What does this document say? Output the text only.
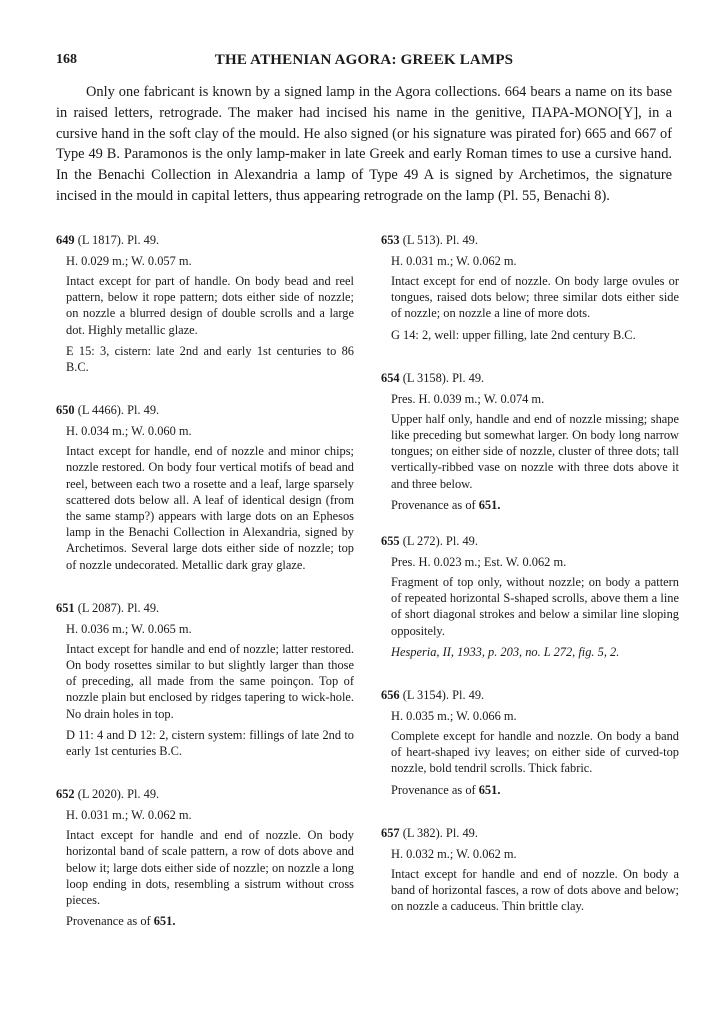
168	THE ATHENIAN AGORA: GREEK LAMPS

Only one fabricant is known by a signed lamp in the Agora collections. 664 bears a name on its base in raised letters, retrograde. The maker had incised his name in the genitive, ΠΑΡΑ-ΜΟΝΟ[Υ], in a cursive hand in the soft clay of the mould. He also signed (or his signature was pirated for) 665 and 667 of Type 49 B. Paramonos is the only lamp-maker in late Greek and early Roman times to use a cursive hand. In the Benachi Collection in Alexandria a lamp of Type 49 A is signed by Archetimos, the signature incised in the mould in capital letters, thus appearing retrograde on the lamp (Pl. 55, Benachi 8).

649 (L 1817). Pl. 49.

H. 0.029 m.; W. 0.057 m.

Intact except for part of handle. On body bead and reel pattern, below it rope pattern; dots either side of nozzle; on nozzle a blurred design of double scrolls and a large dot. Highly metallic glaze.

E 15: 3, cistern: late 2nd and early 1st centuries to 86 B.C.

650 (L 4466). Pl. 49.

H. 0.034 m.; W. 0.060 m.

Intact except for handle, end of nozzle and minor chips; nozzle restored. On body four vertical motifs of bead and reel, between each two a rosette and a leaf, large sparsely scattered dots below all. A leaf of identical design (from the same stamp?) appears with large dots on an Ephesos lamp in the Benachi Collection in Alexandria, signed by Archetimos. Several large dots either side of nozzle; top of nozzle undecorated. Metallic dark gray glaze.

651 (L 2087). Pl. 49.

H. 0.036 m.; W. 0.065 m.

Intact except for handle and end of nozzle; latter restored. On body rosettes similar to but slightly larger than those of preceding, all made from the same poinçon. Top of nozzle plain but enclosed by ridges tapering to wick-hole. No drain holes in top.

D 11: 4 and D 12: 2, cistern system: fillings of late 2nd to early 1st centuries B.C.

652 (L 2020). Pl. 49.

H. 0.031 m.; W. 0.062 m.

Intact except for handle and end of nozzle. On body horizontal band of scale pattern, a row of dots above and below it; large dots either side of nozzle; on nozzle a long loop ending in dots, resembling a sistrum without cross pieces.

Provenance as of 651.

653 (L 513). Pl. 49.

H. 0.031 m.; W. 0.062 m.

Intact except for end of nozzle. On body large ovules or tongues, raised dots below; three similar dots either side of nozzle; on nozzle a line of more dots.

G 14: 2, well: upper filling, late 2nd century B.C.

654 (L 3158). Pl. 49.

Pres. H. 0.039 m.; W. 0.074 m.

Upper half only, handle and end of nozzle missing; shape like preceding but somewhat larger. On body long narrow tongues; on either side of nozzle, cluster of three dots; tall vertically-ribbed vase on nozzle with three dots above it and three below.

Provenance as of 651.

655 (L 272). Pl. 49.

Pres. H. 0.023 m.; Est. W. 0.062 m.

Fragment of top only, without nozzle; on body a pattern of repeated horizontal S-shaped scrolls, above them a line of short diagonal strokes and below a similar line sloping oppositely.

Hesperia, II, 1933, p. 203, no. L 272, fig. 5, 2.

656 (L 3154). Pl. 49.

H. 0.035 m.; W. 0.066 m.

Complete except for handle and nozzle. On body a band of heart-shaped ivy leaves; on either side of curved-top nozzle, bold tendril scrolls. Thick fabric.

Provenance as of 651.

657 (L 382). Pl. 49.

H. 0.032 m.; W. 0.062 m.

Intact except for handle and end of nozzle. On body a band of horizontal fasces, a row of dots above and below; on nozzle a caduceus. Thin brittle clay.
